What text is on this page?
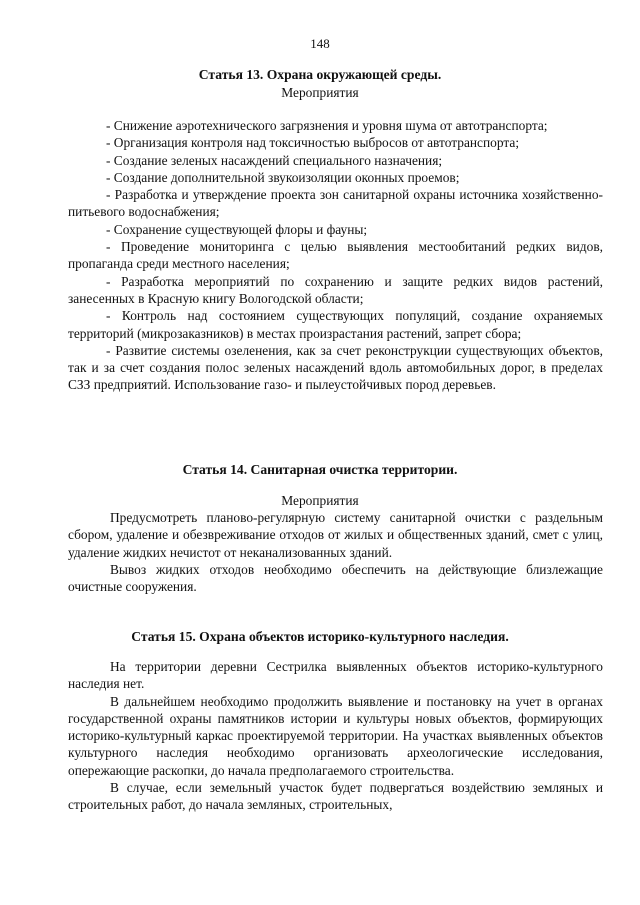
148
Статья 13. Охрана окружающей среды.
Мероприятия

- Снижение аэротехнического загрязнения и уровня шума от автотранспорта;

- Организация контроля над токсичностью выбросов от автотранспорта;

- Создание зеленых насаждений специального назначения;

- Создание дополнительной звукоизоляции оконных проемов;

- Разработка и утверждение проекта зон санитарной охраны источника хозяйственно-питьевого водоснабжения;

- Сохранение существующей флоры и фауны;

- Проведение мониторинга с целью выявления местообитаний редких видов, пропаганда среди местного населения;

- Разработка мероприятий по сохранению и защите редких видов растений, занесенных в Красную книгу Вологодской области;

- Контроль над состоянием существующих популяций, создание охраняемых территорий (микрозаказников) в местах произрастания растений, запрет сбора;

- Развитие системы озеленения, как за счет реконструкции существующих объектов, так и за счет создания полос зеленых насаждений вдоль автомобильных дорог, в пределах СЗЗ предприятий. Использование газо- и пылеустойчивых пород деревьев.

Статья 14. Санитарная очистка территории.
Мероприятия

Предусмотреть планово-регулярную систему санитарной очистки с раздельным сбором, удаление и обезвреживание отходов от жилых и общественных зданий, смет с улиц, удаление жидких нечистот от неканализованных зданий.

Вывоз жидких отходов необходимо обеспечить на действующие близлежащие очистные сооружения.

Статья 15. Охрана объектов историко-культурного наследия.

На территории деревни Сестрилка выявленных объектов историко-культурного наследия нет.

В дальнейшем необходимо продолжить выявление и постановку на учет в органах государственной охраны памятников истории и культуры новых объектов, формирующих историко-культурный каркас проектируемой территории. На участках выявленных объектов культурного наследия необходимо организовать археологические исследования, опережающие раскопки, до начала предполагаемого строительства.

В случае, если земельный участок будет подвергаться воздействию земляных и строительных работ, до начала земляных, строительных,
